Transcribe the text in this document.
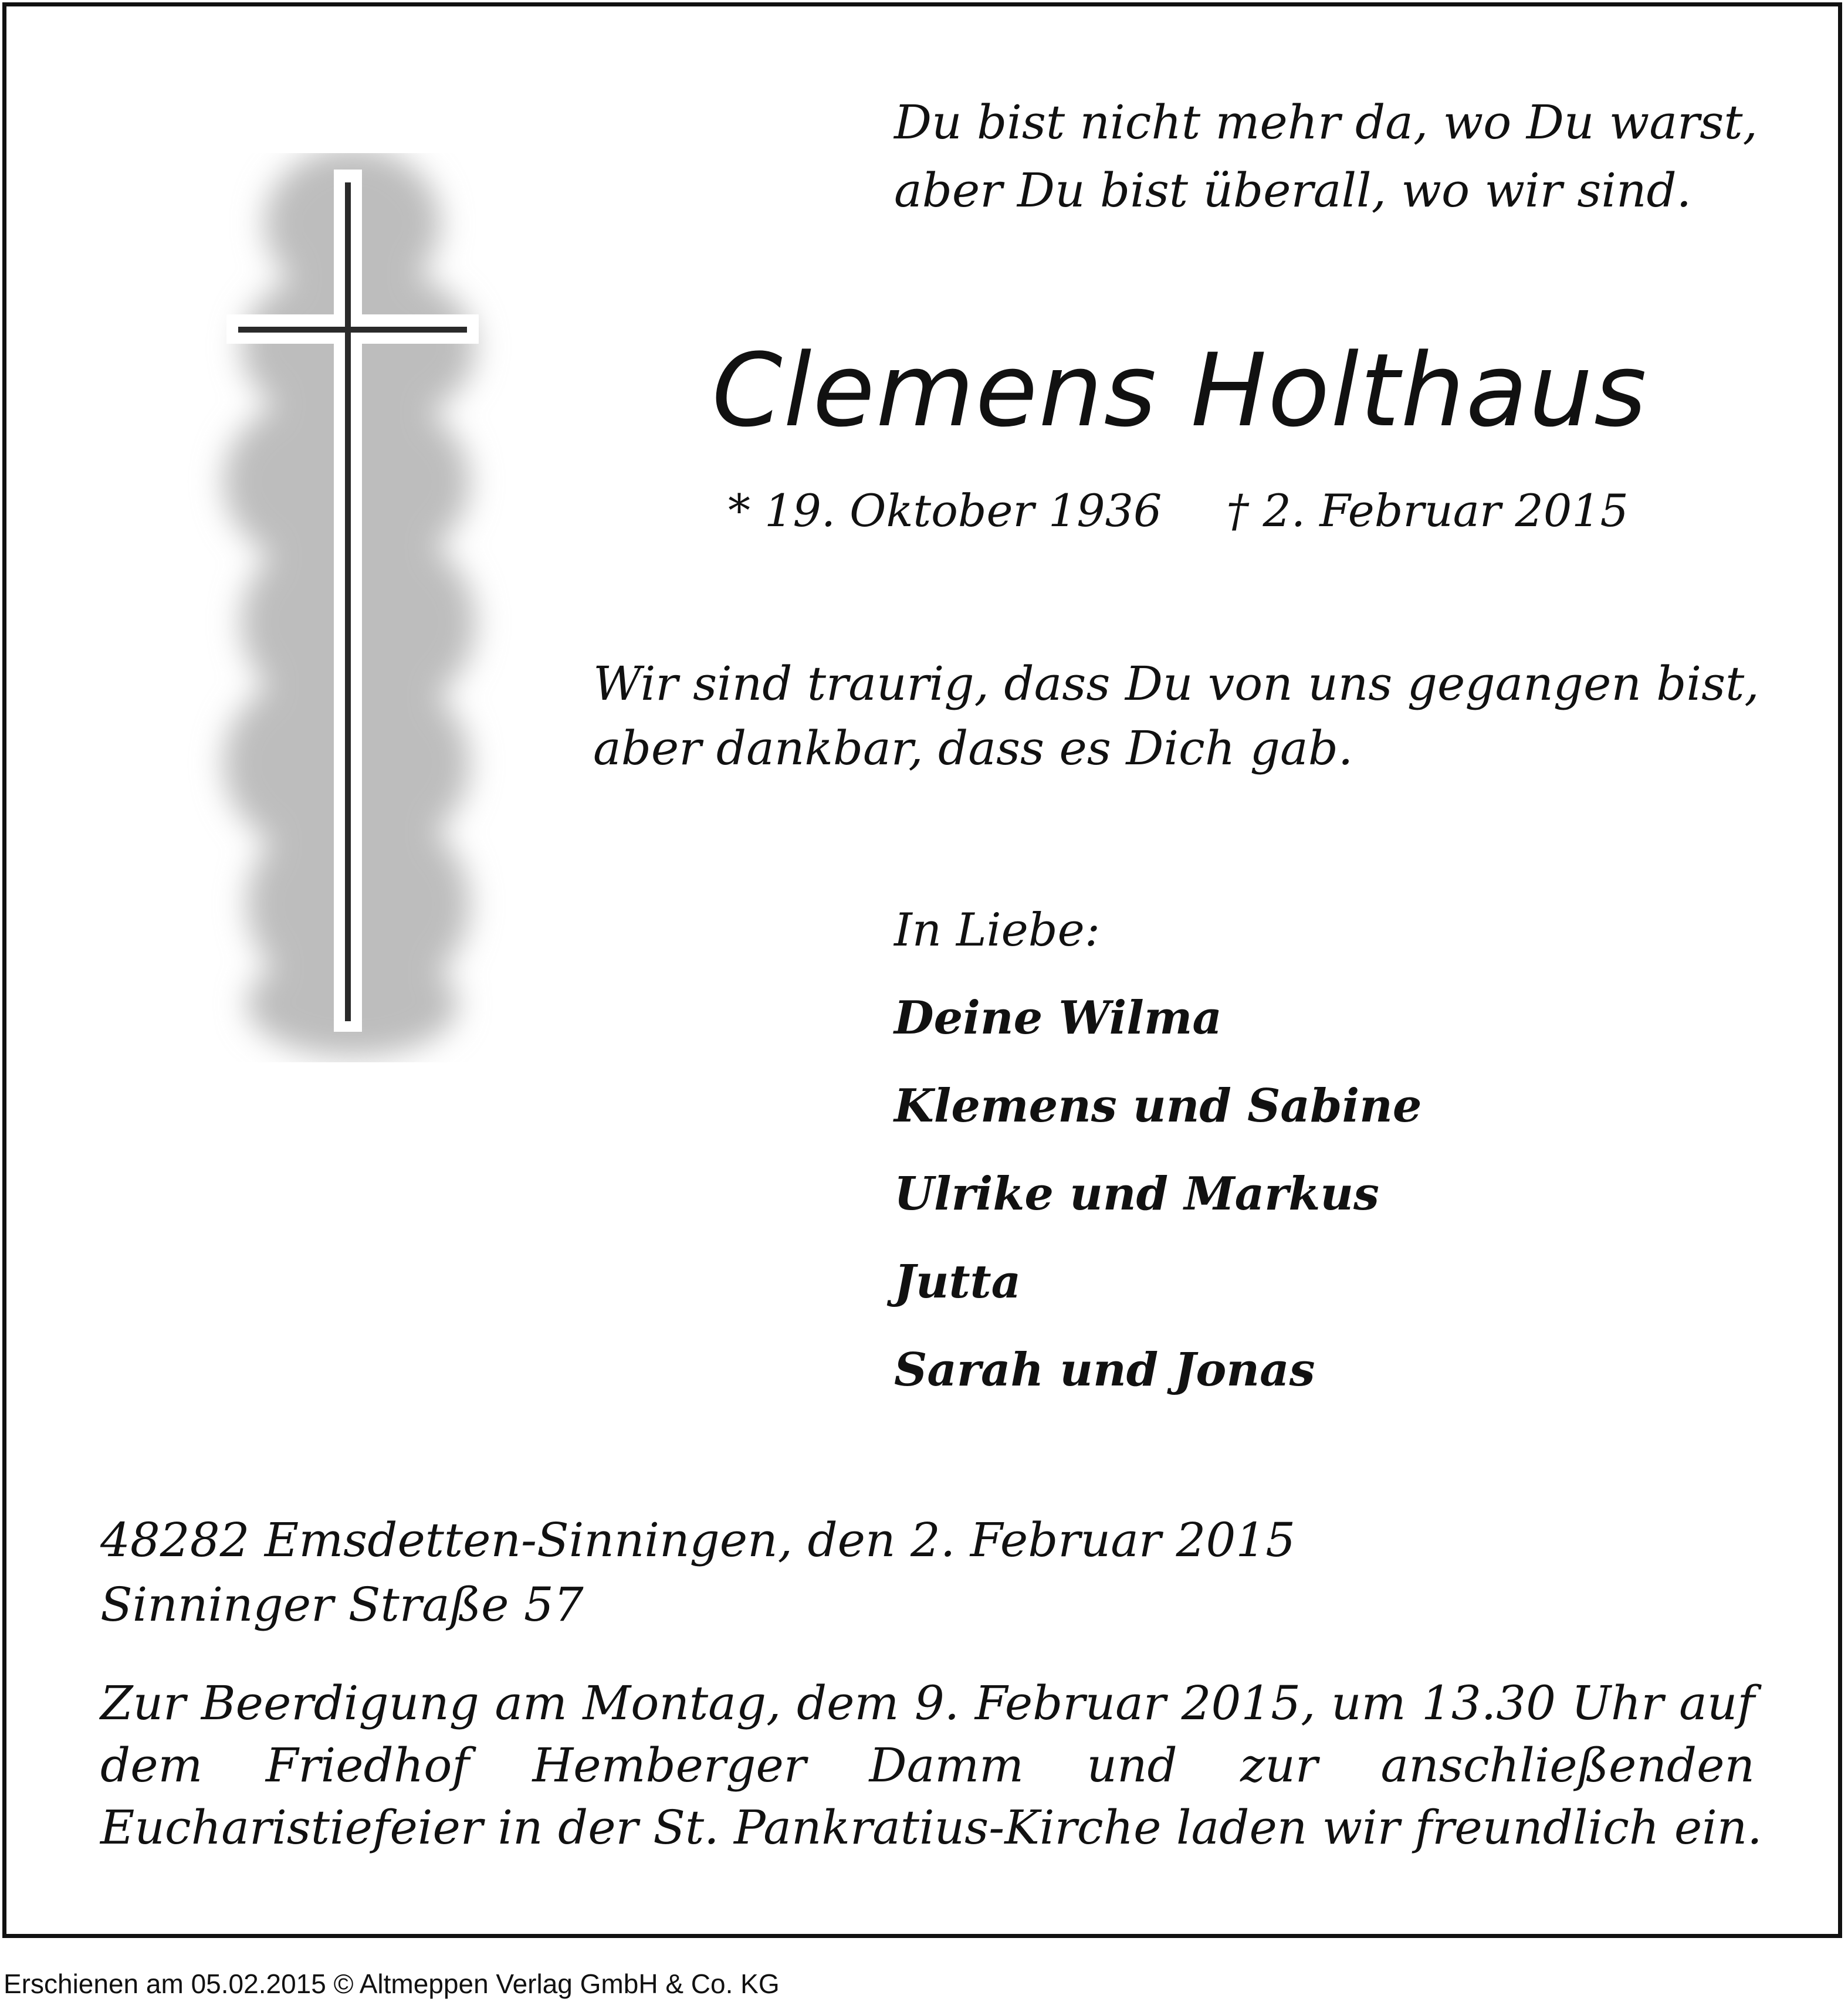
Du bist nicht mehr da, wo Du warst,
aber Du bist überall, wo wir sind.

Clemens Holthaus

* 19. Oktober 1936 † 2. Februar 2015

Wir sind traurig, dass Du von uns gegangen bist,
aber dankbar, dass es Dich gab.

In Liebe:

Deine Wilma
Klemens und Sabine
Ulrike und Markus
Jutta
Sarah und Jonas

48282 Emsdetten-Sinningen, den 2. Februar 2015
Sinninger Straße 57

Zur Beerdigung am Montag, dem 9. Februar 2015, um 13.30 Uhr auf
dem Friedhof Hemberger Damm und zur anschließenden
Eucharistiefeier in der St. Pankratius-Kirche laden wir freundlich ein.

Erschienen am 05.02.2015 © Altmeppen Verlag GmbH & Co. KG
